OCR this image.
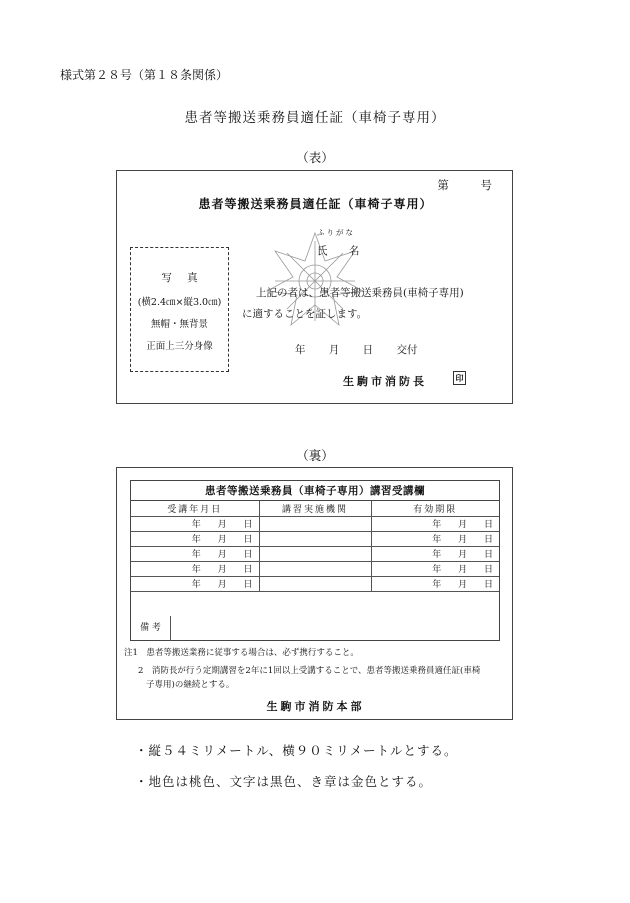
様式第２８号（第１８条関係）
患者等搬送乗務員適任証（車椅子専用）
（表）
第 号
患者等搬送乗務員適任証（車椅子専用）
写 真
(横2.4㎝×縦3.0㎝)
無帽・無背景
正面上三分身像
ふりがな
氏 名
上記の者は、患者等搬送乗務員(車椅子専用)
に適することを証します。
年 月 日 交付
生駒市消防長	印
（裏）
患者等搬送乗務員（車椅子専用）講習受講欄
受講年月日	講習実施機関	有効期限
年 月 日		年 月 日
年 月 日		年 月 日
年 月 日		年 月 日
年 月 日		年 月 日
年 月 日		年 月 日
備 考
注1　患者等搬送業務に従事する場合は、必ず携行すること。
2　消防長が行う定期講習を2年に1回以上受講することで、患者等搬送乗務員適任証(車椅
子専用)の継続とする。
生駒市消防本部
・縦５４ミリメートル、横９０ミリメートルとする。
・地色は桃色、文字は黒色、き章は金色とする。
